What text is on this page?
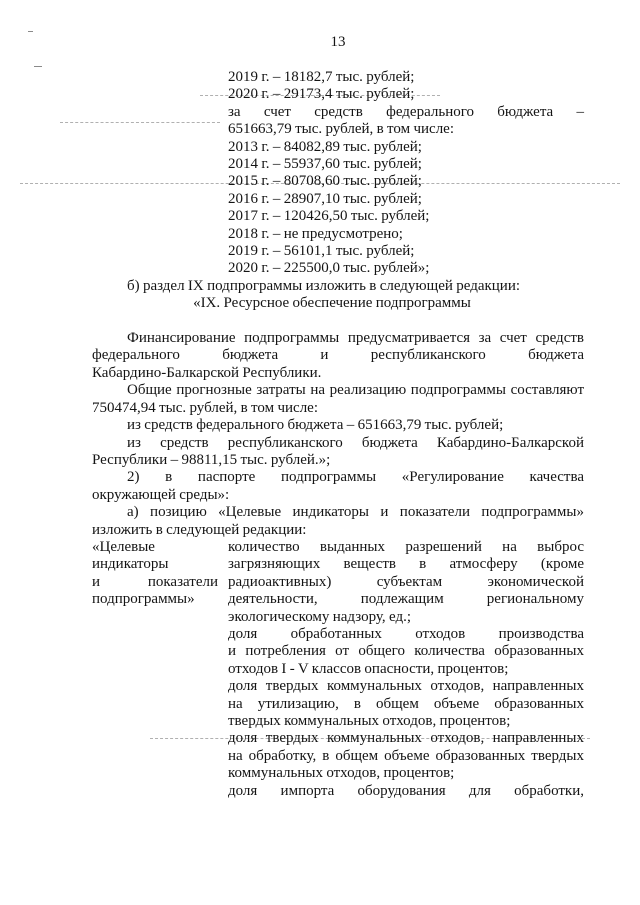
13
2019 г. – 18182,7 тыс. рублей;
2020 г. – 29173,4 тыс. рублей;
за счет средств федерального бюджета –
651663,79 тыс. рублей, в том числе:
2013 г. – 84082,89 тыс. рублей;
2014 г. – 55937,60 тыс. рублей;
2015 г. – 80708,60 тыс. рублей;
2016 г. – 28907,10 тыс. рублей;
2017 г. – 120426,50 тыс. рублей;
2018 г. – не предусмотрено;
2019 г. – 56101,1 тыс. рублей;
2020 г. – 225500,0 тыс. рублей»;
б) раздел IX подпрограммы изложить в следующей редакции:
«IX. Ресурсное обеспечение подпрограммы
Финансирование подпрограммы предусматривается за счет средств
федерального бюджета и республиканского бюджета
Кабардино-Балкарской Республики.
Общие прогнозные затраты на реализацию подпрограммы составляют
750474,94 тыс. рублей, в том числе:
из средств федерального бюджета – 651663,79 тыс. рублей;
из средств республиканского бюджета Кабардино-Балкарской
Республики – 98811,15 тыс. рублей.»;
2) в паспорте подпрограммы «Регулирование качества
окружающей среды»:
а) позицию «Целевые индикаторы и показатели подпрограммы»
изложить в следующей редакции:
«Целевые
индикаторы
и показатели
подпрограммы»
количество выданных разрешений на выброс
загрязняющих веществ в атмосферу (кроме
радиоактивных) субъектам экономической
деятельности, подлежащим региональному
экологическому надзору, ед.;
доля обработанных отходов производства
и потребления от общего количества образованных
отходов I - V классов опасности, процентов;
доля твердых коммунальных отходов, направленных
на утилизацию, в общем объеме образованных
твердых коммунальных отходов, процентов;
доля твердых коммунальных отходов, направленных
на обработку, в общем объеме образованных твердых
коммунальных отходов, процентов;
доля импорта оборудования для обработки,
